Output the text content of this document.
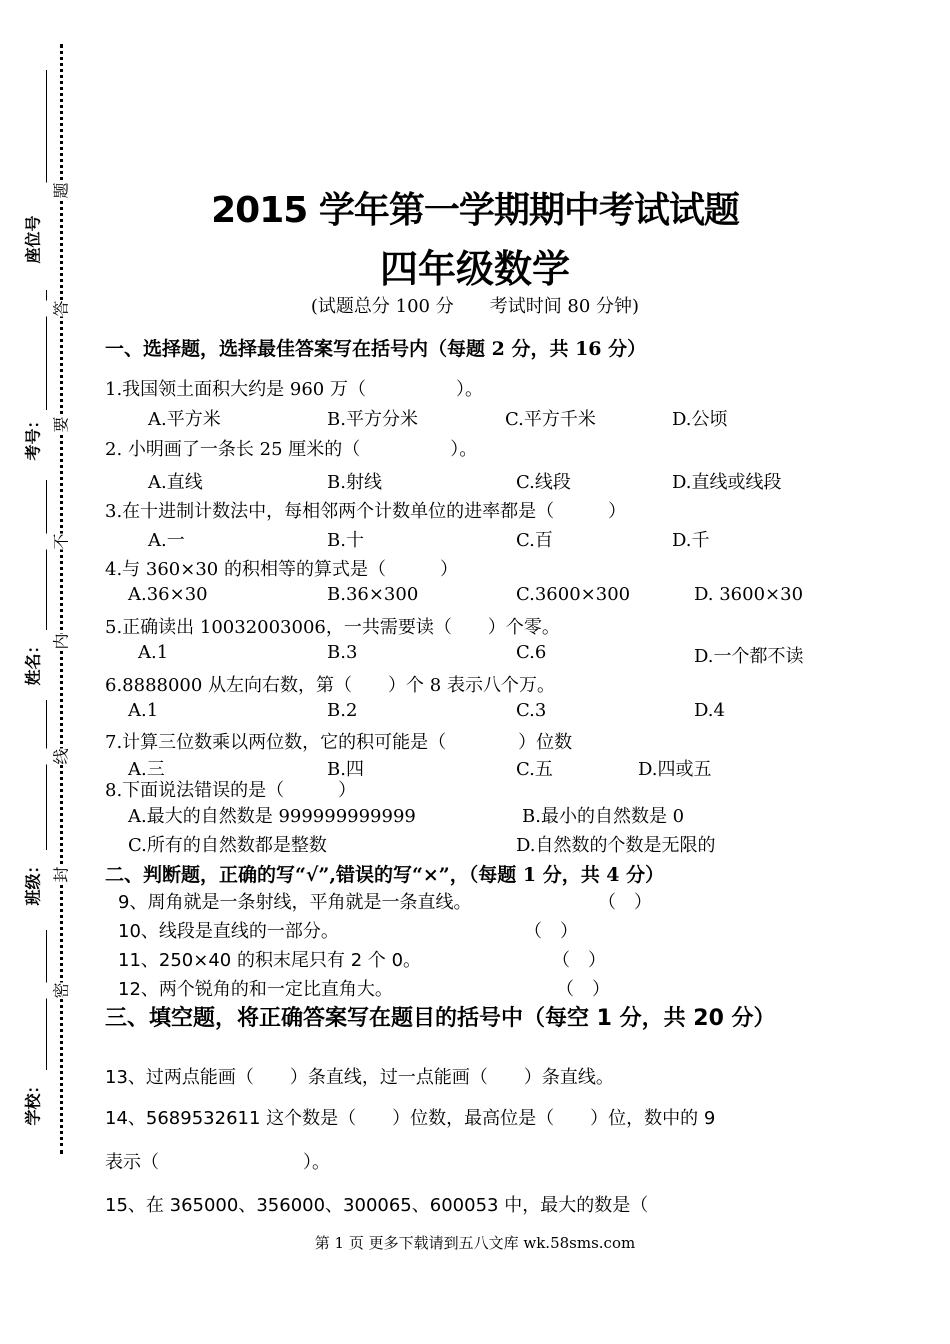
座位号
考号：
姓名：
班级：
学校：
题
答
要
不
内
线
封
密
2015 学年第一学期期中考试试题
四年级数学
(试题总分 100 分　　考试时间 80 分钟)
一、选择题，选择最佳答案写在括号内（每题 2 分，共 16 分）
1.我国领土面积大约是 960 万（　　　　　）。
A.平方米	B.平方分米	C.平方千米	D.公顷
2. 小明画了一条长 25 厘米的（　　　　　）。
A.直线	B.射线	C.线段	D.直线或线段
3.在十进制计数法中，每相邻两个计数单位的进率都是（　　　）
A.一	B.十	C.百	D.千
4.与 360×30 的积相等的算式是（　　　）
A.36×30	B.36×300	C.3600×300	D. 3600×30
5.正确读出 10032003006，一共需要读（　　）个零。
A.1	B.3	C.6	D.一个都不读
6.8888000 从左向右数，第（　　）个 8 表示八个万。
A.1	B.2	C.3	D.4
7.计算三位数乘以两位数，它的积可能是（　　　　）位数
A.三	B.四	C.五	D.四或五
8.下面说法错误的是（　　　）
A.最大的自然数是 999999999999	B.最小的自然数是 0
C.所有的自然数都是整数	D.自然数的个数是无限的
二、判断题，正确的写“√”,错误的写“×”，（每题 1 分，共 4 分）
9、周角就是一条射线，平角就是一条直线。	（　）
10、线段是直线的一部分。	（　）
11、250×40 的积末尾只有 2 个 0。	（　）
12、两个锐角的和一定比直角大。	（　）
三、填空题，将正确答案写在题目的括号中（每空 1 分，共 20 分）
13、过两点能画（　　）条直线，过一点能画（　　）条直线。
14、5689532611 这个数是（　　）位数，最高位是（　　）位，数中的 9
表示（　　　　　　　　）。
15、在 365000、356000、300065、600053 中，最大的数是（
第 1 页 更多下载请到五八文库 wk.58sms.com
